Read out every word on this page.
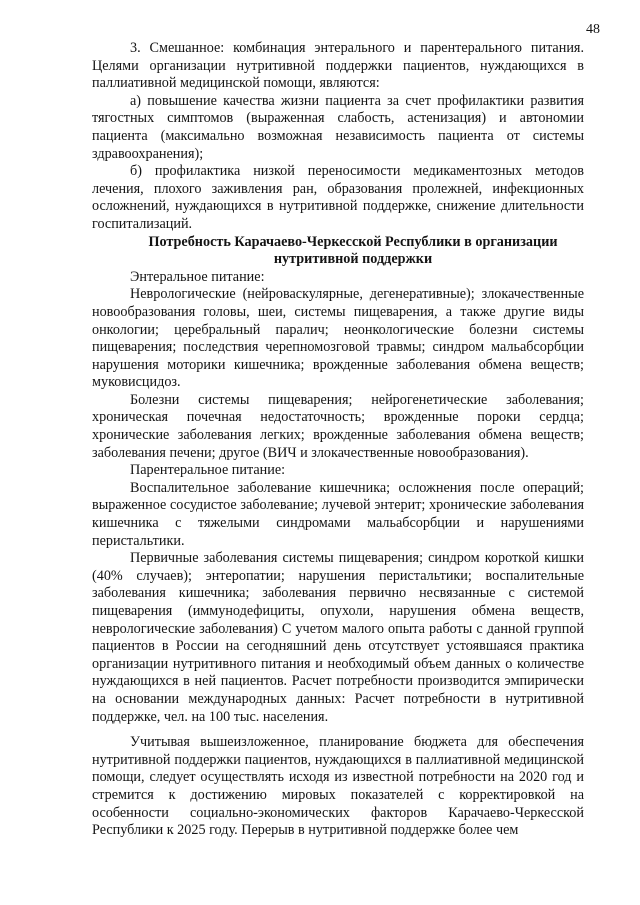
48

3. Смешанное: комбинация энтерального и парентерального питания. Целями организации нутритивной поддержки пациентов, нуждающихся в паллиативной медицинской помощи, являются:

а) повышение качества жизни пациента за счет профилактики развития тягостных симптомов (выраженная слабость, астенизация) и автономии пациента (максимально возможная независимость пациента от системы здравоохранения);

б) профилактика низкой переносимости медикаментозных методов лечения, плохого заживления ран, образования пролежней, инфекционных осложнений, нуждающихся в нутритивной поддержке, снижение длительности госпитализаций.

Потребность Карачаево-Черкесской Республики в организации нутритивной поддержки

Энтеральное питание:

Неврологические (нейроваскулярные, дегенеративные); злокачественные новообразования головы, шеи, системы пищеварения, а также другие виды онкологии; церебральный паралич; неонкологические болезни системы пищеварения; последствия черепномозговой травмы; синдром мальабсорбции нарушения моторики кишечника; врожденные заболевания обмена веществ; муковисцидоз.

Болезни системы пищеварения; нейрогенетические заболевания; хроническая почечная недостаточность; врожденные пороки сердца; хронические заболевания легких; врожденные заболевания обмена веществ; заболевания печени; другое (ВИЧ и злокачественные новообразования).

Парентеральное питание:

Воспалительное заболевание кишечника; осложнения после операций; выраженное сосудистое заболевание; лучевой энтерит; хронические заболевания кишечника с тяжелыми синдромами мальабсорбции и нарушениями перистальтики.

Первичные заболевания системы пищеварения; синдром короткой кишки (40% случаев); энтеропатии; нарушения перистальтики; воспалительные заболевания кишечника; заболевания первично несвязанные с системой пищеварения (иммунодефициты, опухоли, нарушения обмена веществ, неврологические заболевания) С учетом малого опыта работы с данной группой пациентов в России на сегодняшний день отсутствует устоявшаяся практика организации нутритивного питания и необходимый объем данных о количестве нуждающихся в ней пациентов. Расчет потребности производится эмпирически на основании международных данных: Расчет потребности в нутритивной поддержке, чел. на 100 тыс. населения.

Учитывая вышеизложенное, планирование бюджета для обеспечения нутритивной поддержки пациентов, нуждающихся в паллиативной медицинской помощи, следует осуществлять исходя из известной потребности на 2020 год и стремится к достижению мировых показателей с корректировкой на особенности социально-экономических факторов Карачаево-Черкесской Республики к 2025 году. Перерыв в нутритивной поддержке более чем
